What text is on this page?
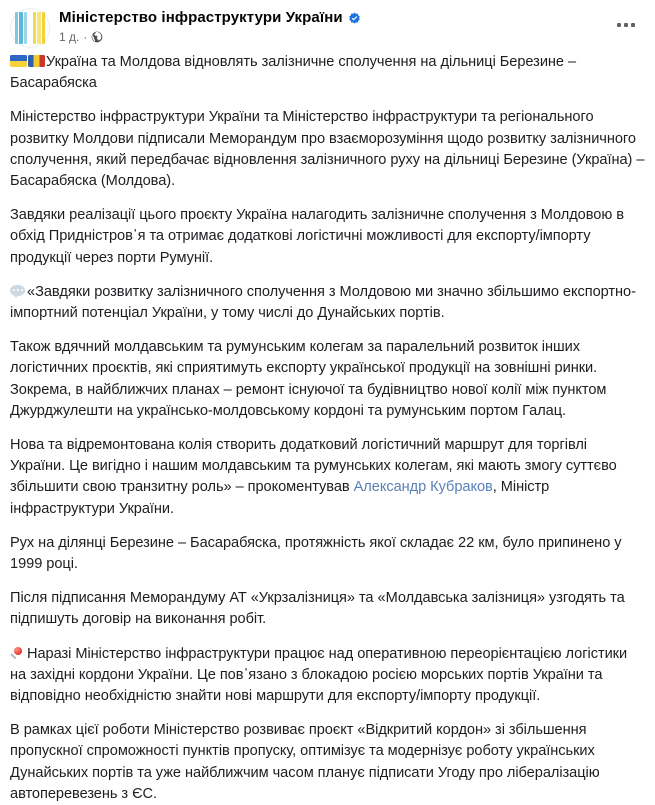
Міністерство інфраструктури України
1 д. ·

Україна та Молдова відновлять залізничне сполучення на дільниці Березине – Басарабяска

Міністерство інфраструктури України та Міністерство інфраструктури та регіонального розвитку Молдови підписали Меморандум про взаєморозуміння щодо розвитку залізничного сполучення, який передбачає відновлення залізничного руху на дільниці Березине (Україна) – Басарабяска (Молдова).

Завдяки реалізації цього проєкту Україна налагодить залізничне сполучення з Молдовою в обхід Придністров᾽я та отримає додаткові логістичні можливості для експорту/імпорту продукції через порти Румунії.

«Завдяки розвитку залізничного сполучення з Молдовою ми значно збільшимо експортно-імпортний потенціал України, у тому числі до Дунайських портів.

Також вдячний молдавським та румунським колегам за паралельний розвиток інших логістичних проєктів, які сприятимуть експорту української продукції на зовнішні ринки. Зокрема, в найближчих планах – ремонт існуючої та будівництво нової колії між пунктом Джурджулешти на українсько-молдовському кордоні та румунським портом Галац.

Нова та відремонтована колія створить додатковий логістичний маршрут для торгівлі України. Це вигідно і нашим молдавським та румунських колегам, які мають змогу суттєво збільшити свою транзитну роль» – прокоментував Александр Кубраков, Міністр інфраструктури України.

Рух на ділянці Березине – Басарабяска, протяжність якої складає 22 км, було припинено у 1999 році.

Після підписання Меморандуму АТ «Укрзалізниця» та «Молдавська залізниця» узгодять та підпишуть договір на виконання робіт.

Наразі Міністерство інфраструктури працює над оперативною переорієнтацією логістики на західні кордони України. Це пов᾽язано з блокадою росією морських портів України та відповідно необхідністю знайти нові маршрути для експорту/імпорту продукції.

В рамках цієї роботи Міністерство розвиває проєкт «Відкритий кордон» зі збільшення пропускної спроможності пунктів пропуску, оптимізує та модернізує роботу українських Дунайських портів та уже найближчим часом планує підписати Угоду про лібералізацію автоперевезень з ЄС.
